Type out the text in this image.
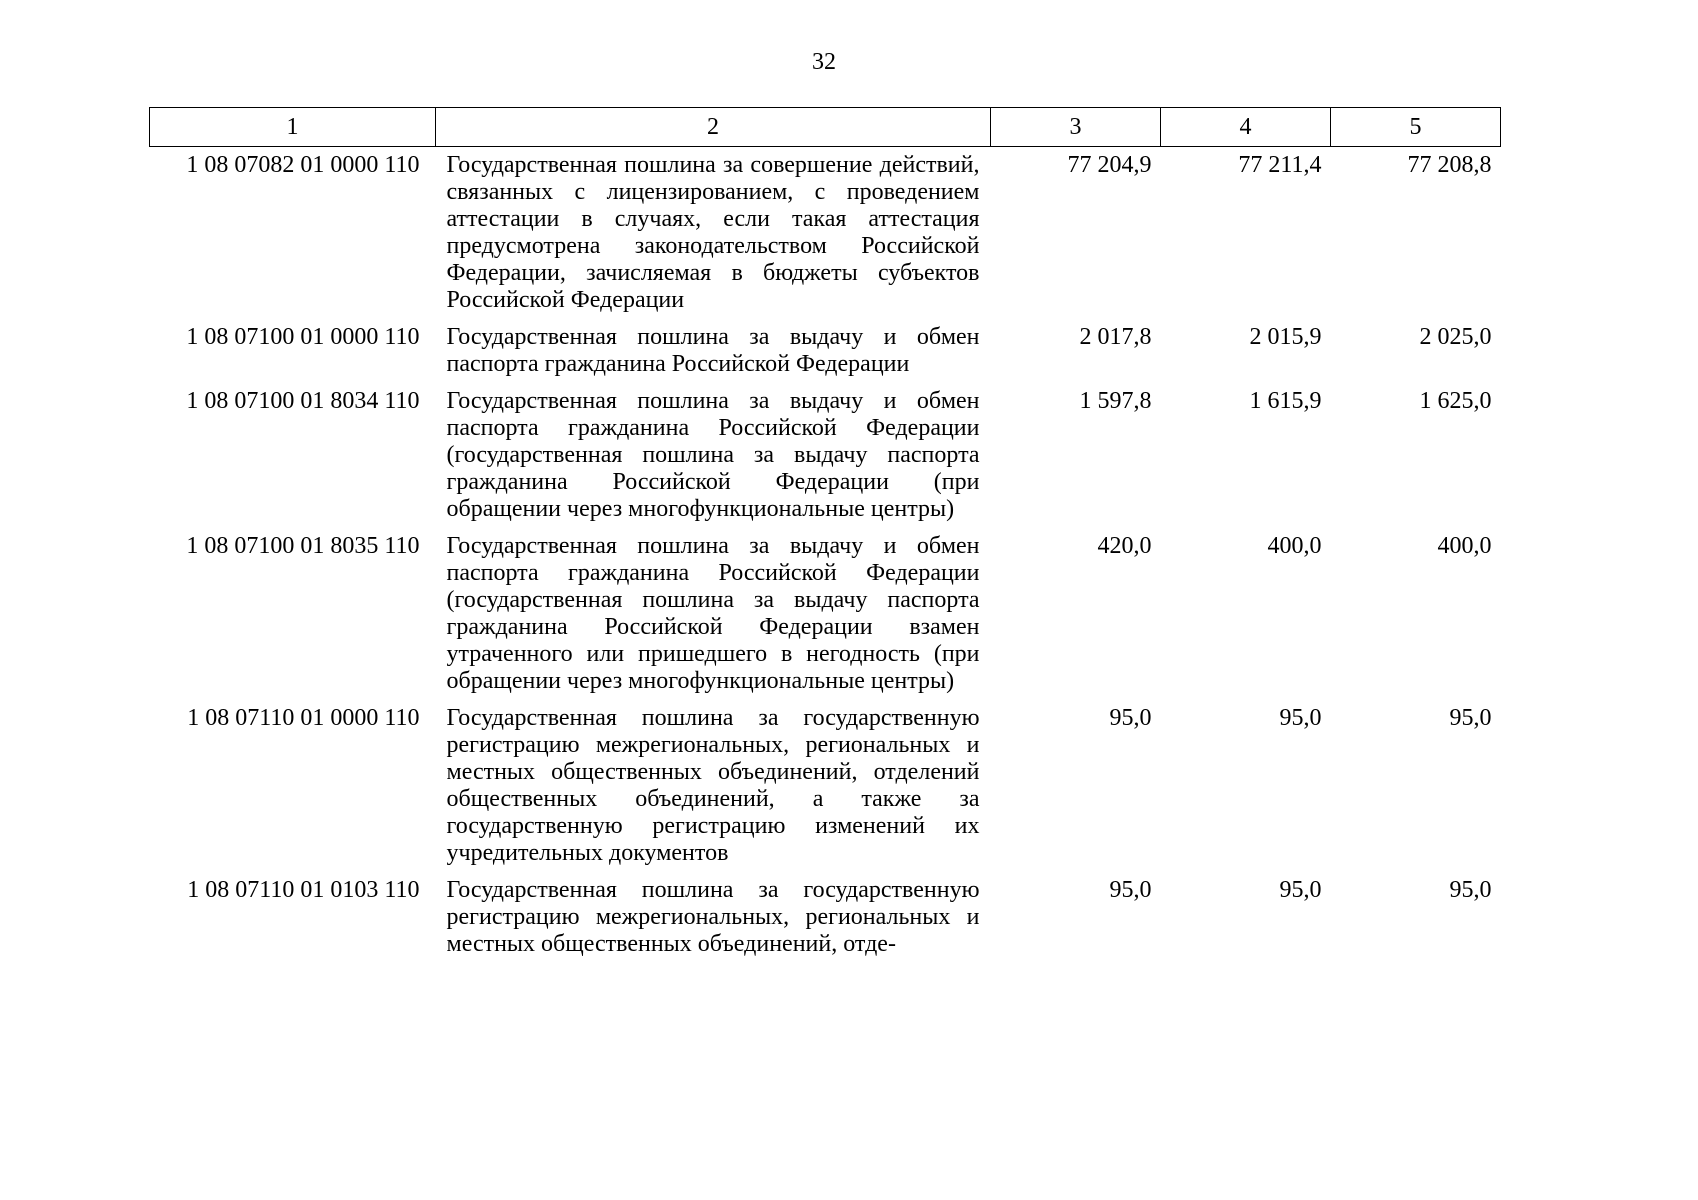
32
1	2	3	4	5
1 08 07082 01 0000 110	Государственная пошлина за совершение действий, связанных с лицензированием, с проведением аттестации в случаях, если такая аттестация предусмотрена законодательством Российской Федерации, зачисляемая в бюджеты субъектов Российской Федерации	77 204,9	77 211,4	77 208,8
1 08 07100 01 0000 110	Государственная пошлина за выдачу и обмен паспорта гражданина Российской Федерации	2 017,8	2 015,9	2 025,0
1 08 07100 01 8034 110	Государственная пошлина за выдачу и обмен паспорта гражданина Российской Федерации (государственная пошлина за выдачу паспорта гражданина Российской Федерации (при обращении через многофункциональные центры)	1 597,8	1 615,9	1 625,0
1 08 07100 01 8035 110	Государственная пошлина за выдачу и обмен паспорта гражданина Российской Федерации (государственная пошлина за выдачу паспорта гражданина Российской Федерации взамен утраченного или пришедшего в негодность (при обращении через многофункциональные центры)	420,0	400,0	400,0
1 08 07110 01 0000 110	Государственная пошлина за государственную регистрацию межрегиональных, региональных и местных общественных объединений, отделений общественных объединений, а также за государственную регистрацию изменений их учредительных документов	95,0	95,0	95,0
1 08 07110 01 0103 110	Государственная пошлина за государственную регистрацию межрегиональных, региональных и местных общественных объединений, отде-	95,0	95,0	95,0
